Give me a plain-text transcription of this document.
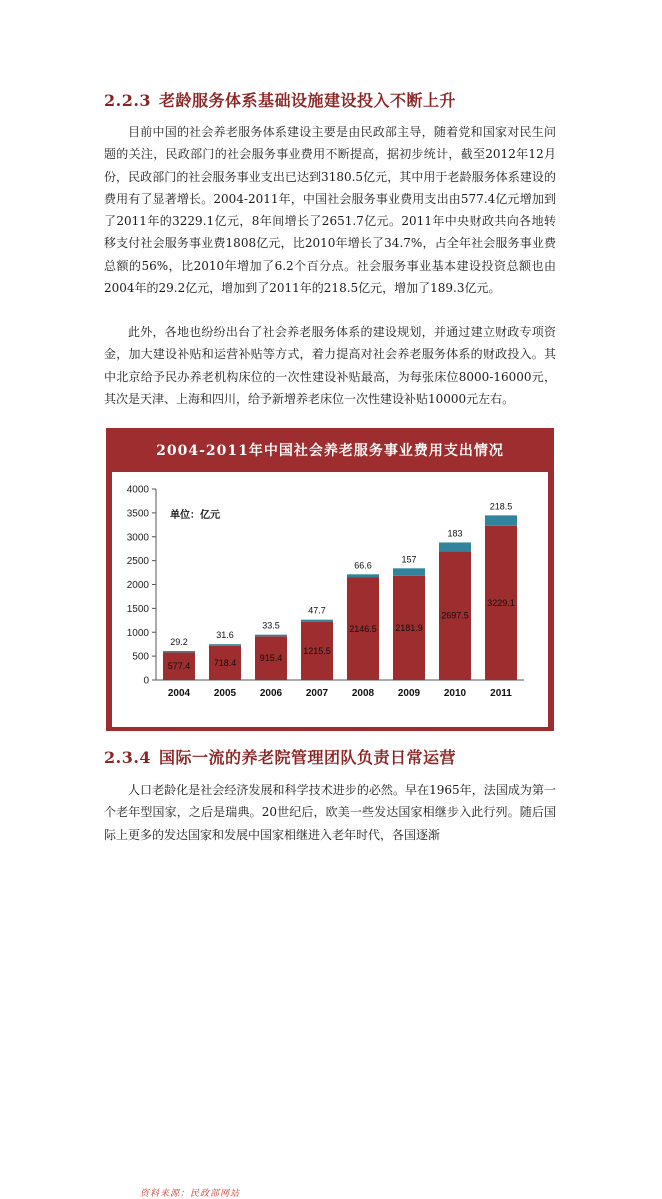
2.2.3 老龄服务体系基础设施建设投入不断上升

目前中国的社会养老服务体系建设主要是由民政部主导，随着党和国家对民生问题的关注，民政部门的社会服务事业费用不断提高，据初步统计，截至2012年12月份，民政部门的社会服务事业支出已达到3180.5亿元，其中用于老龄服务体系建设的费用有了显著增长。2004-2011年，中国社会服务事业费用支出由577.4亿元增加到了2011年的3229.1亿元，8年间增长了2651.7亿元。2011年中央财政共向各地转移支付社会服务事业费1808亿元，比2010年增长了34.7%，占全年社会服务事业费总额的56%，比2010年增加了6.2个百分点。社会服务事业基本建设投资总额也由2004年的29.2亿元，增加到了2011年的218.5亿元，增加了189.3亿元。

此外，各地也纷纷出台了社会养老服务体系的建设规划，并通过建立财政专项资金，加大建设补贴和运营补贴等方式，着力提高对社会养老服务体系的财政投入。其中北京给予民办养老机构床位的一次性建设补贴最高，为每张床位8000-16000元，其次是天津、上海和四川，给予新增养老床位一次性建设补贴10000元左右。

2004-2011年中国社会养老服务事业费用支出情况
0
500
1000
1500
2000
2500
3000
3500
4000
单位：亿元
577.4
29.2
2004
718.4
31.6
2005
915.4
33.5
2006
1215.5
47.7
2007
2146.5
66.6
2008
2181.9
157
2009
2697.5
183
2010
3229.1
218.5
2011
资料来源：民政部网站
2.3.4 国际一流的养老院管理团队负责日常运营

人口老龄化是社会经济发展和科学技术进步的必然。早在1965年，法国成为第一个老年型国家，之后是瑞典。20世纪后，欧美一些发达国家相继步入此行列。随后国际上更多的发达国家和发展中国家相继进入老年时代，各国逐渐
